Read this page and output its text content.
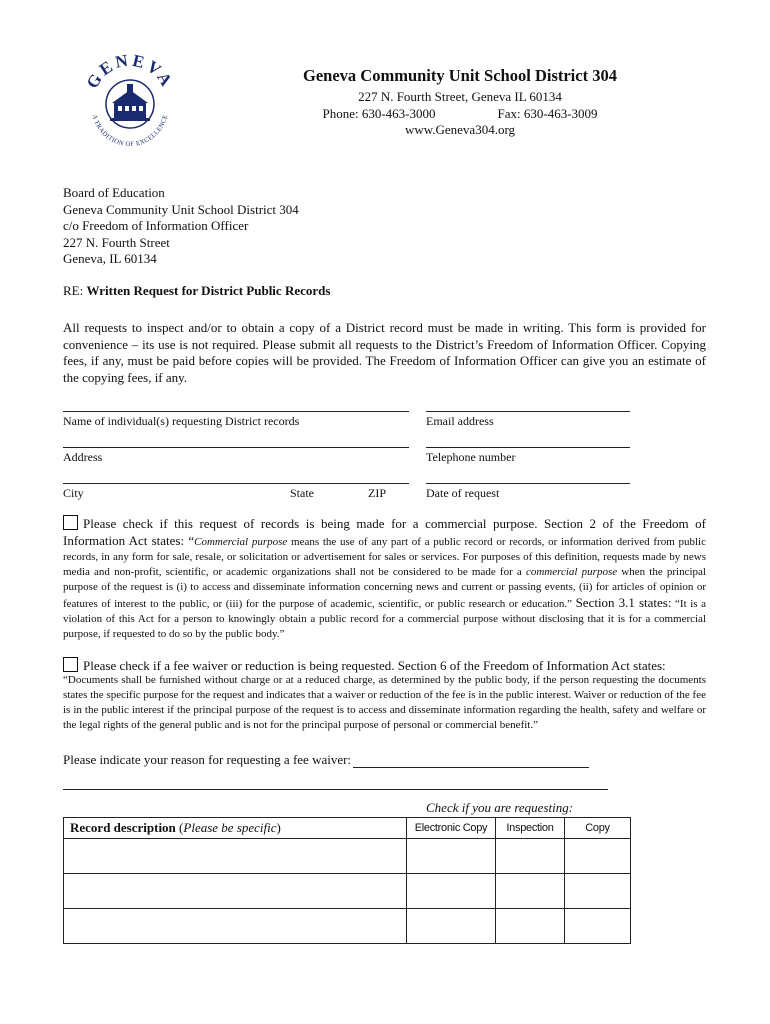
GENEVA
A TRADITION OF EXCELLENCE
Geneva Community Unit School District 304
227 N. Fourth Street, Geneva IL 60134
Phone: 630-463-3000	Fax: 630-463-3009
www.Geneva304.org
Board of Education
Geneva Community Unit School District 304
c/o Freedom of Information Officer
227 N. Fourth Street
Geneva, IL 60134
RE: Written Request for District Public Records
All requests to inspect and/or to obtain a copy of a District record must be made in writing. This form is provided for convenience – its use is not required. Please submit all requests to the District’s Freedom of Information Officer. Copying fees, if any, must be paid before copies will be provided. The Freedom of Information Officer can give you an estimate of the copying fees, if any.
Name of individual(s) requesting District records	Email address
Address	Telephone number
City	State	ZIP	Date of request
Please check if this request of records is being made for a commercial purpose. Section 2 of the Freedom of Information Act states: “Commercial purpose means the use of any part of a public record or records, or information derived from public records, in any form for sale, resale, or solicitation or advertisement for sales or services. For purposes of this definition, requests made by news media and non-profit, scientific, or academic organizations shall not be considered to be made for a commercial purpose when the principal purpose of the request is (i) to access and disseminate information concerning news and current or passing events, (ii) for articles of opinion or features of interest to the public, or (iii) for the purpose of academic, scientific, or public research or education.” Section 3.1 states: “It is a violation of this Act for a person to knowingly obtain a public record for a commercial purpose without disclosing that it is for a commercial purpose, if requested to do so by the public body.”
Please check if a fee waiver or reduction is being requested. Section 6 of the Freedom of Information Act states:
“Documents shall be furnished without charge or at a reduced charge, as determined by the public body, if the person requesting the documents states the specific purpose for the request and indicates that a waiver or reduction of the fee is in the public interest. Waiver or reduction of the fee is in the public interest if the principal purpose of the request is to access and disseminate information regarding the health, safety and welfare or the legal rights of the general public and is not for the principal purpose of personal or commercial benefit.”
Please indicate your reason for requesting a fee waiver:
Check if you are requesting:
Record description (Please be specific)	Electronic Copy	Inspection	Copy
